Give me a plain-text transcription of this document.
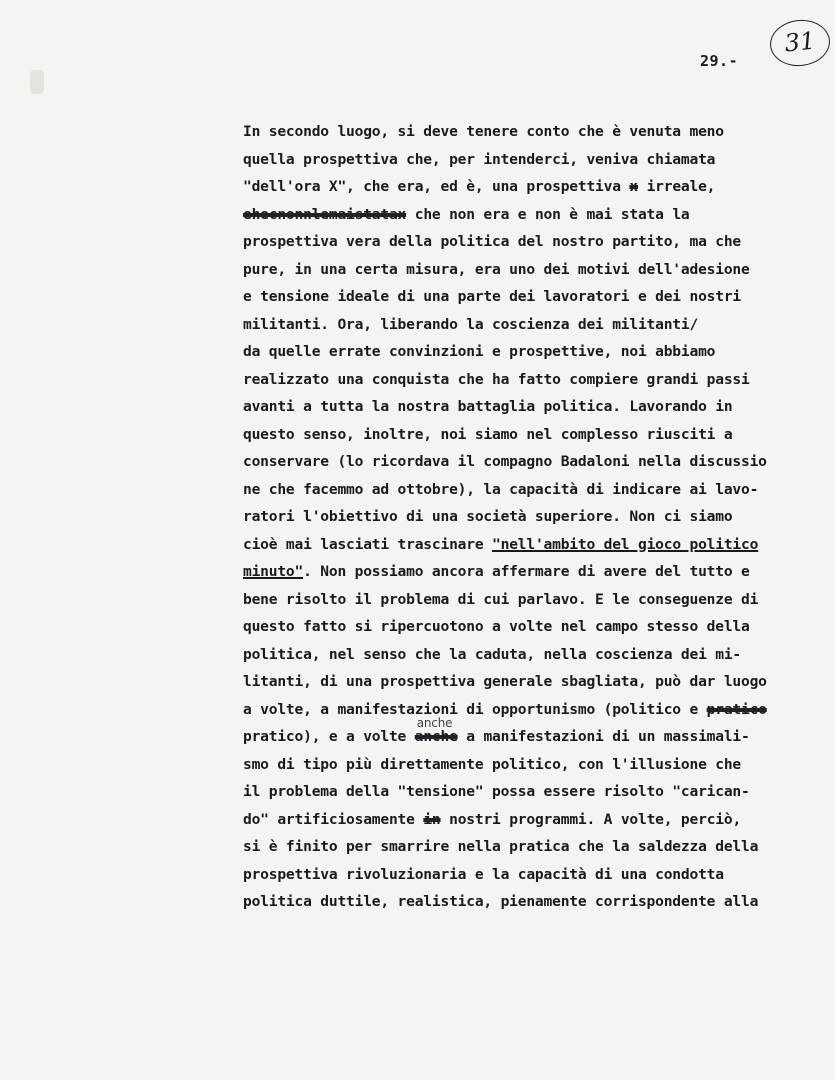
31
29.-
In secondo luogo, si deve tenere conto che è venuta meno
quella prospettiva che, per intenderci, veniva chiamata
"dell'ora X", che era, ed è, una prospettiva x irreale,
ehecnonnlemaistatax che non era e non è mai stata la
prospettiva vera della politica del nostro partito, ma che
pure, in una certa misura, era uno dei motivi dell'adesione
e tensione ideale di una parte dei lavoratori e dei nostri
militanti. Ora, liberando la coscienza dei militanti/
da quelle errate convinzioni e prospettive, noi abbiamo
realizzato una conquista che ha fatto compiere grandi passi
avanti a tutta la nostra battaglia politica. Lavorando in
questo senso, inoltre, noi siamo nel complesso riusciti a
conservare (lo ricordava il compagno Badaloni nella discussio
ne che facemmo ad ottobre), la capacità di indicare ai lavo-
ratori l'obiettivo di una società superiore. Non ci siamo
cioè mai lasciati trascinare "nell'ambito del gioco politico
minuto". Non possiamo ancora affermare di avere del tutto e
bene risolto il problema di cui parlavo. E le conseguenze di
questo fatto si ripercuotono a volte nel campo stesso della
politica, nel senso che la caduta, nella coscienza dei mi-
litanti, di una prospettiva generale sbagliata, può dar luogo
a volte, a manifestazioni di opportunismo (politico e pratico
pratico), e a volte
anche
anche a manifestazioni di un massimali-
smo di tipo più direttamente politico, con l'illusione che
il problema della "tensione" possa essere risolto "carican-
do" artificiosamente in nostri programmi. A volte, perciò,
si è finito per smarrire nella pratica che la saldezza della
prospettiva rivoluzionaria e la capacità di una condotta
politica duttile, realistica, pienamente corrispondente alla
